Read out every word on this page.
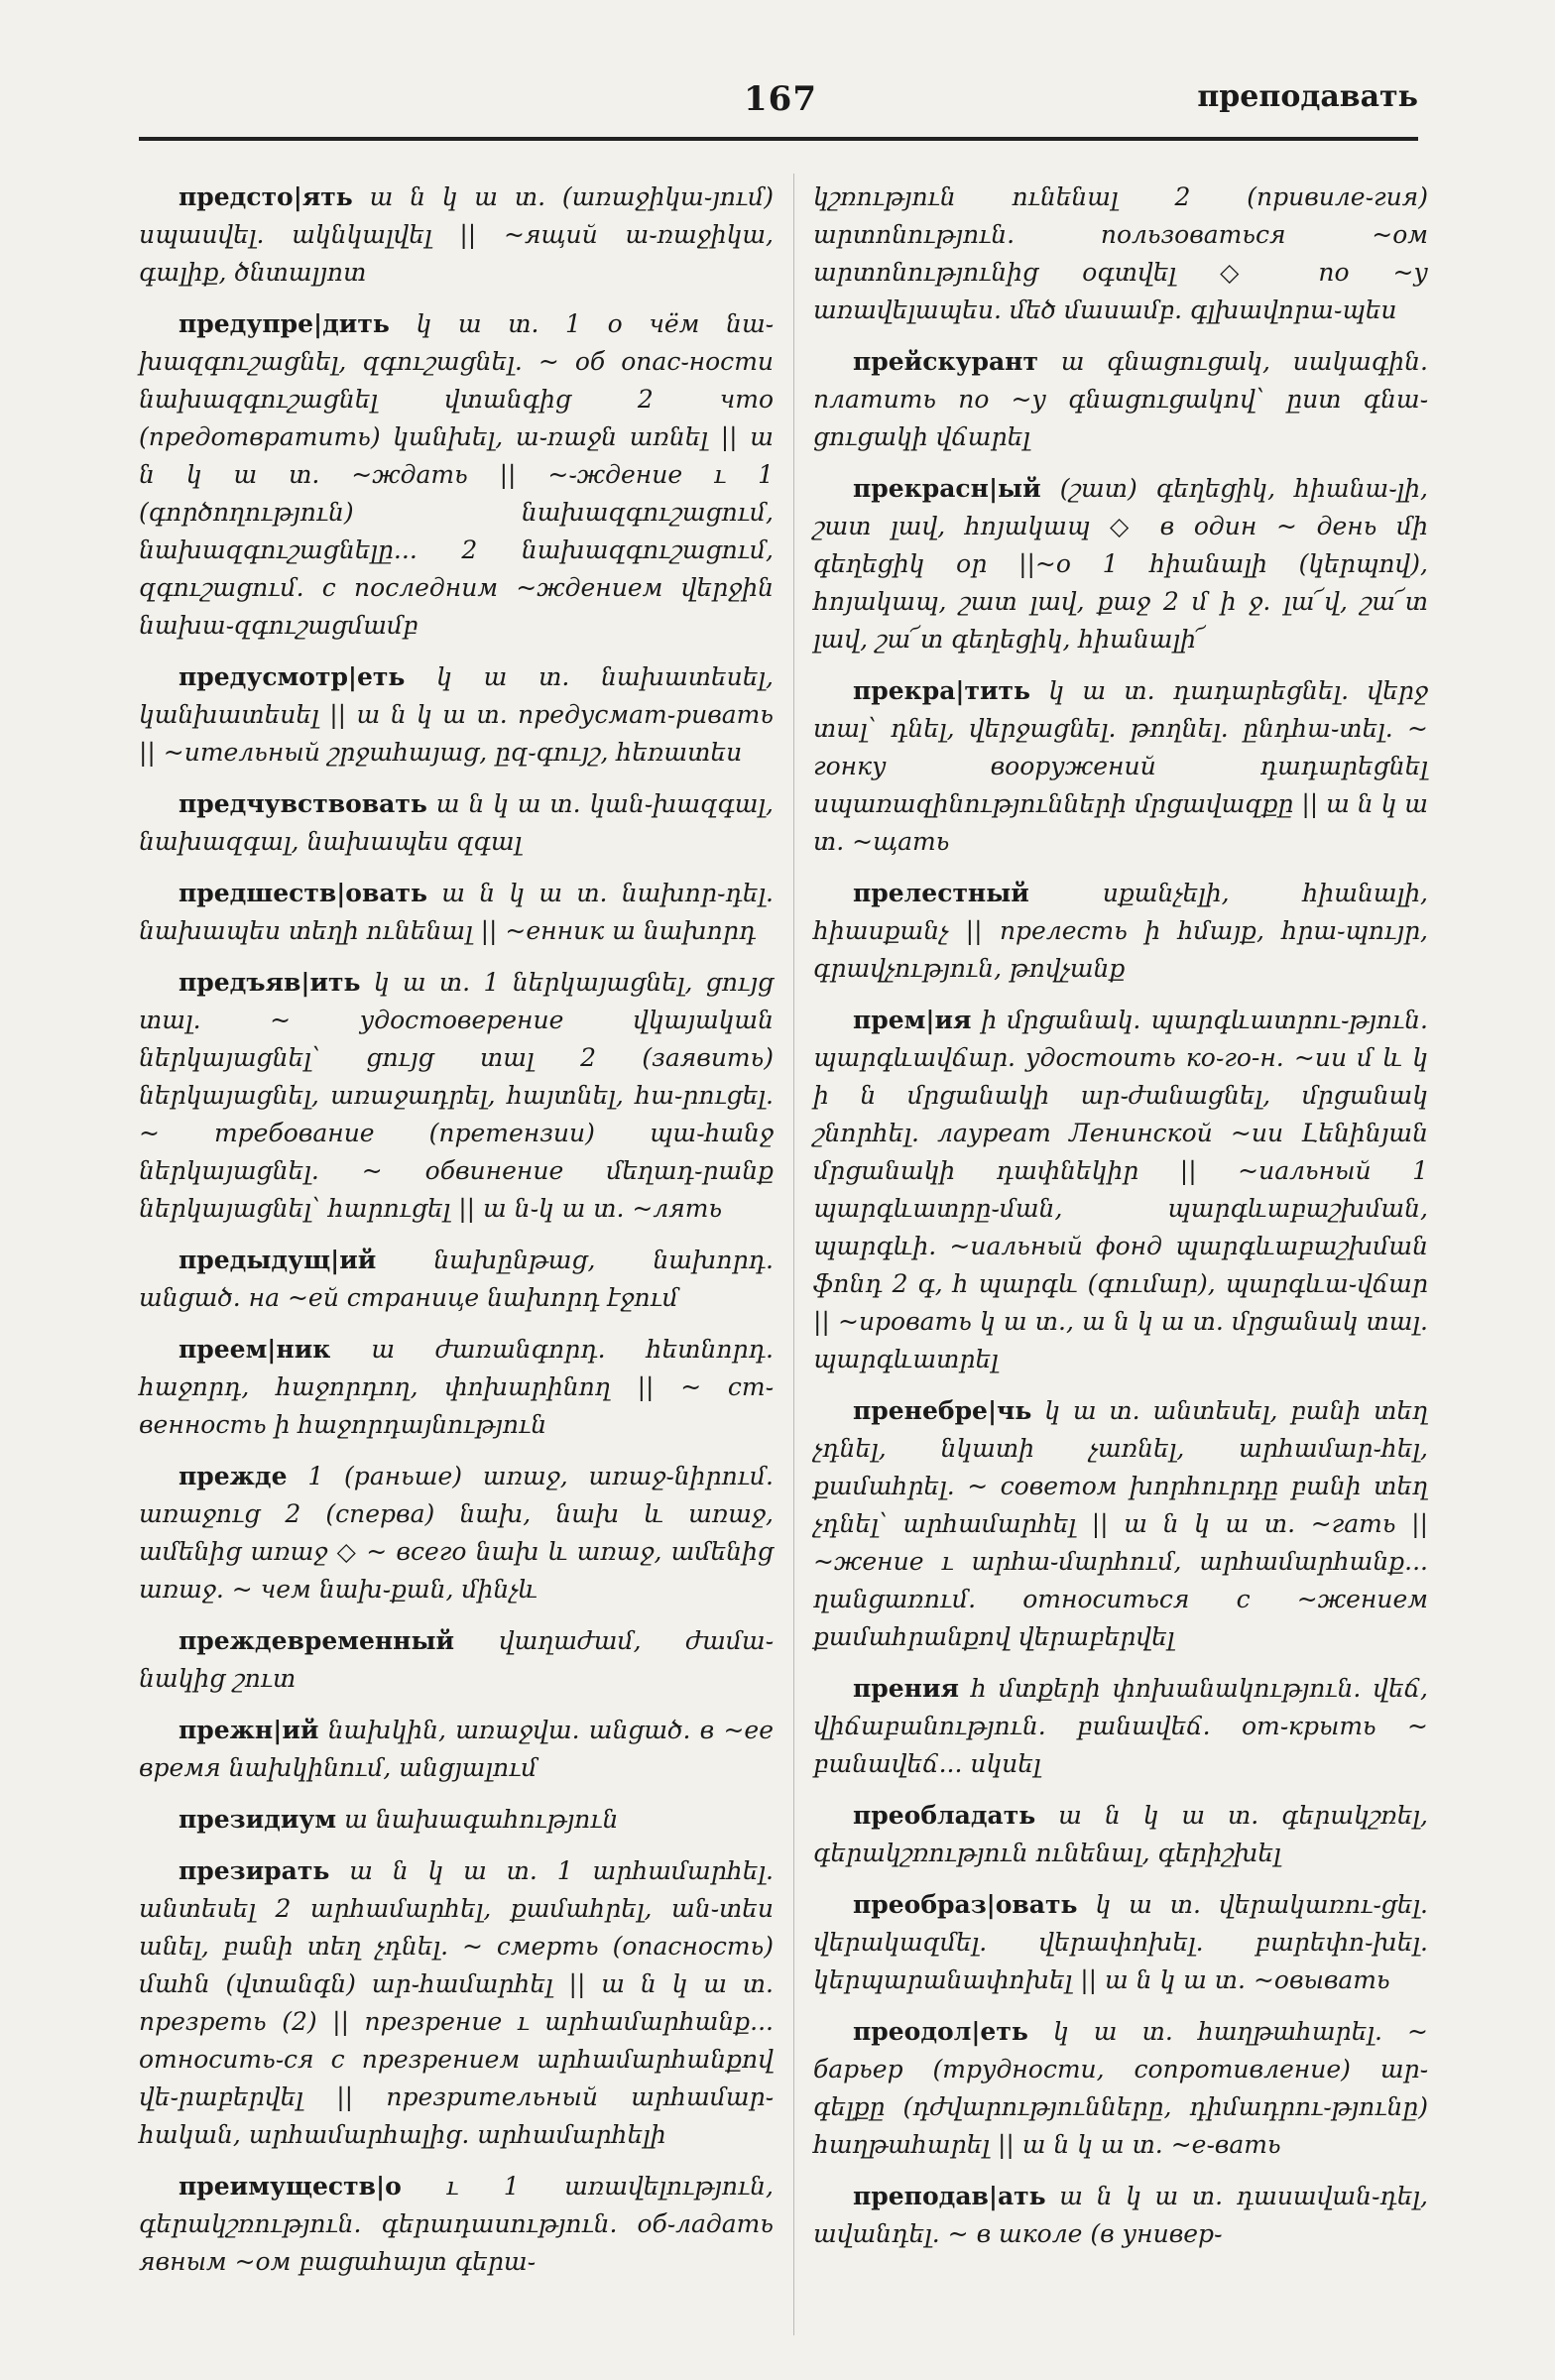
167	преподавать

предсто|ять ա ն կ ա տ. (առաջիկա֊յում) սպասվել. ակնկալվել || ~ящий ա֊ռաջիկա, գալիք, ծնտալյոտ

предупре|дить կ ա տ. 1 о чём նա֊խազգուշացնել, զգուշացնել. ~ об опас֊ности նախազգուշացնել վտանգից 2 что (предотвратить) կանխել, ա֊ռաջն առնել || ա ն կ ա տ. ~ждать || ~֊ждение ւ 1 (գործողություն) նախազգուշացում, նախազգուշացնելը... 2 նախազգուշացում, զգուշացում. с последним ~ждением վերջին նախա֊զգուշացմամբ

предусмотр|еть կ ա տ. նախատեսել, կանխատեսել || ա ն կ ա տ. предусмат֊ривать || ~ительный շրջահայաց, ըզ֊գույշ, հեռատես

предчувствовать ա ն կ ա տ. կան֊խազգալ, նախազգալ, նախապես զգալ

предшеств|овать ա ն կ ա տ. նախոր֊դել. նախապես տեղի ունենալ || ~енник ա նախորդ

предъяв|ить կ ա տ. 1 ներկայացնել, ցույց տալ. ~ удостоверение վկայական ներկայացնել՝ ցույց տալ 2 (заявить) ներկայացնել, առաջադրել, հայտնել, հա֊րուցել. ~ требование (претензии) պա֊հանջ ներկայացնել. ~ обвинение մեղադ֊րանք ներկայացնել՝ հարուցել || ա ն֊կ ա տ. ~лять

предыдущ|ий նախընթաց, նախորդ. անցած. на ~ей странице նախորդ էջում

преем|ник ա ժառանգորդ. հետնորդ. հաջորդ, հաջորդող, փոխարինող || ~ ст֊венность ի հաջորդայնություն

прежде 1 (раньше) առաջ, առաջ֊նիրում. առաջուց 2 (сперва) նախ, նախ և առաջ, ամենից առաջ ◇ ~ всего նախ և առաջ, ամենից առաջ. ~ чем նախ֊քան, մինչև

преждевременный վաղաժամ, ժամա֊նակից շուտ

прежн|ий նախկին, առաջվա. անցած. в ~ее время նախկինում, անցյալում

президиум ա նախագահություն

презирать ա ն կ ա տ. 1 արհամարհել. անտեսել 2 արհամարհել, քամահրել, ան֊տես անել, բանի տեղ չդնել. ~ смерть (опасность) մահն (վտանգն) ար֊համարհել || ա ն կ ա տ. презреть (2) || презрение ւ արհամարհանք... относить֊ся с презрением արհամարհանքով վե֊րաբերվել || презрительный արհամար֊հական, արհամարհալից. արհամարհելի

преимуществ|о ւ 1 առավելություն, գերակշռություն. գերադասություն. об֊ладать явным ~ом բացահայտ գերա֊

կշռություն ունենալ 2 (привиле֊гия) արտոնություն. пользоваться ~ом արտոնությունից օգտվել ◇ по ~у առավելապես. մեծ մասամբ. գլխավորա֊պես

прейскурант ա գնացուցակ, սակագին. платить по ~у գնացուցակով՝ ըստ գնա֊ցուցակի վճարել

прекрасн|ый (շատ) գեղեցիկ, հիանա֊լի, շատ լավ, հոյակապ ◇ в один ~ день մի գեղեցիկ օր ||~о 1 հիանալի (կերպով), հոյակապ, շատ լավ, քաջ 2 մ ի ջ. լա՜վ, շա՜տ լավ, շա՜տ գեղեցիկ, հիանալի՜

прекра|тить կ ա տ. դադարեցնել. վերջ տալ՝ դնել, վերջացնել. թողնել. ընդհա֊տել. ~ гонку вооружений դադարեցնել սպառազինությունների մրցավազքը || ա ն կ ա տ. ~щать

прелестный	սքանչելի, հիանալի, հիասքանչ || прелесть ի հմայք, հրա֊պույր, գրավչություն, թովչանք

прем|ия ի մրցանակ. պարգևատրու֊թյուն. պարգևավճար. удостоить ко֊го-н. ~ии մ և կ ի ն մրցանակի ար֊ժանացնել, մրցանակ շնորհել. лауреат Ленинской ~ии Լենինյան մրցանակի դափնեկիր || ~иальный 1 պարգևատրը֊ման, պարգևաբաշխման, պարգևի. ~иальный фонд պարգևաբաշխման ֆոնդ 2 գ, հ պարգև (գումար), պարգևա֊վճար || ~ировать կ ա տ., ա ն կ ա տ. մրցանակ տալ. պարգևատրել

пренебре|чь կ ա տ. անտեսել, բանի տեղ չդնել, նկատի չառնել, արհամար֊հել, քամահրել. ~ советом խորհուրդը բանի տեղ չդնել՝ արհամարհել || ա ն կ ա տ. ~гать || ~жение ւ արհա֊մարհում, արհամարհանք... ղանցառում. относиться с ~жением քամահրանքով վերաբերվել

прения հ մտքերի փոխանակություն. վեճ, վիճաբանություն. բանավեճ. от֊крыть ~ բանավեճ... սկսել

преобладать ա ն կ ա տ. գերակշռել, գերակշռություն ունենալ, գերիշխել

преобраз|овать կ ա տ. վերակառու֊ցել. վերակազմել. վերափոխել. բարեփո֊խել. կերպարանափոխել || ա ն կ ա տ. ~овывать

преодол|еть կ ա տ. հաղթահարել. ~ барьер (трудности, сопротивление) ար֊գելքը (դժվարությունները, դիմադրու֊թյունը) հաղթահարել || ա ն կ ա տ. ~е֊вать

преподав|ать ա ն կ ա տ. դասավան֊դել, ավանդել. ~ в школе (в универ֊
